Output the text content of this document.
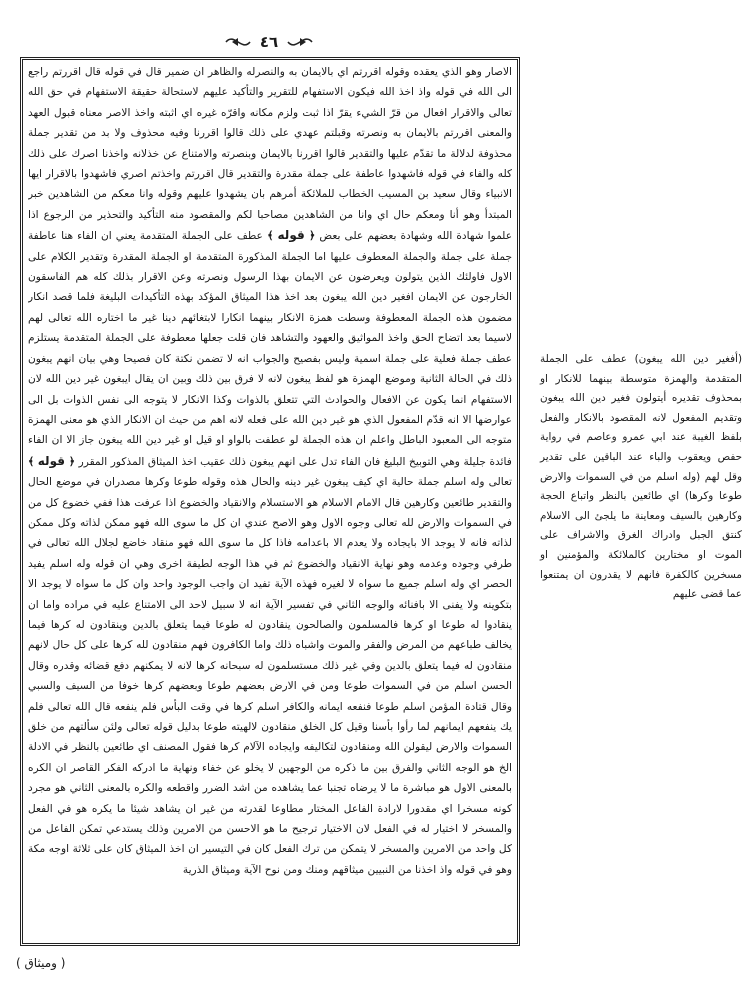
٤٦

الاصار وهو الذي يعقده وقوله اقررتم اي بالايمان به والنصرله والظاهر ان ضمير قال في قوله قال اقررتم راجع الى الله في قوله واذ اخذ الله فيكون الاستفهام للتقرير والتأكيد عليهم لاستحالة حقيقة الاستفهام في حق الله تعالى والاقرار افعال من قرّ الشيء يقرّ اذا ثبت ولزم مكانه واقرّه غيره اي اثبته واخذ الاصر معناه قبول العهد والمعنى اقررتم بالايمان به ونصرته وقبلتم عهدي على ذلك قالوا اقررنا وفيه محذوف ولا بد من تقدير جملة محذوفة لدلالة ما تقدّم عليها والتقدير قالوا اقررنا بالايمان وبنصرته والامتناع عن خذلانه واخذنا اصرك على ذلك كله والفاء في قوله فاشهدوا عاطفة على جملة مقدرة والتقدير قال اقررتم واخذتم اصري فاشهدوا بالاقرار ايها الانبياء وقال سعيد بن المسيب الخطاب للملائكة أمرهم بان يشهدوا عليهم وقوله وانا معكم من الشاهدين خبر المبتدأ وهو أنا ومعكم حال اي وانا من الشاهدين مصاحبا لكم والمقصود منه التأكيد والتحذير من الرجوع اذا علموا شهادة الله وشهادة بعضهم على بعض ﴿ قوله ﴾ عطف على الجملة المتقدمة يعني ان الفاء هنا عاطفة جملة على جملة والجملة المعطوف عليها اما الجملة المذكورة المتقدمة او الجملة المقدرة وتقدير الكلام على الاول فاولئك الذين يتولون ويعرضون عن الايمان بهذا الرسول ونصرته وعن الاقرار بذلك كله هم الفاسقون الخارجون عن الايمان افغير دين الله يبغون بعد اخذ هذا الميثاق المؤكد بهذه التأكيدات البليغة فلما قصد انكار مضمون هذه الجملة المعطوفة وسطت همزة الانكار بينهما انكارا لابتغائهم دينا غير ما اختاره الله تعالى لهم لاسيما بعد اتضاح الحق واخذ المواثيق والعهود والتشاهد فان قلت جعلها معطوفة على الجملة المتقدمة يستلزم عطف جملة فعلية على جملة اسمية وليس بفصيح والجواب انه لا تضمن نكتة كان فصيحا وهي بيان انهم يبغون ذلك في الحالة الثانية وموضع الهمزة هو لفظ يبغون لانه لا فرق بين ذلك وبين ان يقال ايبغون غير دين الله لان الاستفهام انما يكون عن الافعال والحوادث التي تتعلق بالذوات وكذا الانكار لا يتوجه الى نفس الذوات بل الى عوارضها الا انه قدّم المفعول الذي هو غير دين الله على فعله لانه اهم من حيث ان الانكار الذي هو معنى الهمزة متوجه الى المعبود الباطل واعلم ان هذه الجملة لو عطفت بالواو او قيل او غير دين الله يبغون جاز الا ان الفاء فائدة جليلة وهي التوبيخ البليغ فان الفاء تدل على انهم يبغون ذلك عقيب اخذ الميثاق المذكور المقرر ﴿ قوله ﴾ تعالى وله اسلم جملة حالية اي كيف يبغون غير دينه والحال هذه وقوله طوعا وكرها مصدران في موضع الحال والتقدير طائعين وكارهين قال الامام الاسلام هو الاستسلام والانقياد والخضوع اذا عرفت هذا ففي خضوع كل من في السموات والارض لله تعالى وجوه الاول وهو الاصح عندي ان كل ما سوى الله فهو ممكن لذاته وكل ممكن لذاته فانه لا يوجد الا بايجاده ولا يعدم الا باعدامه فاذا كل ما سوى الله فهو منقاد خاضع لجلال الله تعالى في طرفي وجوده وعدمه وهو نهاية الانقياد والخضوع ثم في هذا الوجه لطيفة اخرى وهي ان قوله وله اسلم يفيد الحصر اي وله اسلم جميع ما سواه لا لغيره فهذه الآية تفيد ان واجب الوجود واحد وان كل ما سواه لا يوجد الا بتكوينه ولا يفنى الا بافنائه والوجه الثاني في تفسير الآية انه لا سبيل لاحد الى الامتناع عليه في مراده واما ان ينقادوا له طوعا او كرها فالمسلمون والصالحون ينقادون له طوعا فيما يتعلق بالدين وينقادون له كرها فيما يخالف طباعهم من المرض والفقر والموت واشباه ذلك واما الكافرون فهم منقادون لله كرها على كل حال لانهم منقادون له فيما يتعلق بالدين وفي غير ذلك مستسلمون له سبحانه كرها لانه لا يمكنهم دفع قضائه وقدره وقال الحسن اسلم من في السموات طوعا ومن في الارض بعضهم طوعا وبعضهم كرها خوفا من السيف والسبي وقال قتادة المؤمن اسلم طوعا فنفعه ايمانه والكافر اسلم كرها في وقت البأس فلم ينفعه قال الله تعالى فلم يك ينفعهم ايمانهم لما رأوا بأسنا وقيل كل الخلق منقادون لالهيته طوعا بدليل قوله تعالى ولئن سألتهم من خلق السموات والارض ليقولن الله ومنقادون لتكاليفه وايجاده الآلام كرها فقول المصنف اي طائعين بالنظر في الادلة الخ هو الوجه الثاني والفرق بين ما ذكره من الوجهين لا يخلو عن خفاء ونهاية ما ادركه الفكر القاصر ان الكره بالمعنى الاول هو مباشرة ما لا يرضاه تجنبا عما يشاهده من اشد الضرر واقطعه والكره بالمعنى الثاني هو مجرد كونه مسخرا اي مقدورا لارادة الفاعل المختار مطاوعا لقدرته من غير ان يشاهد شيئا ما يكره هو في الفعل والمسخر لا اختيار له في الفعل لان الاختيار ترجيح ما هو الاحسن من الامرين وذلك يستدعي تمكن الفاعل من كل واحد من الامرين والمسخر لا يتمكن من ترك الفعل كان في التيسير ان اخذ الميثاق كان على ثلاثة اوجه مكة وهو في قوله واذ اخذنا من النبيين ميثاقهم ومنك ومن نوح الآية وميثاق الذرية

(أفغير دين الله يبغون) عطف على الجملة المتقدمة والهمزة متوسطة بينهما للانكار او بمحذوف تقديره أيتولون فغير دين الله يبغون وتقديم المفعول لانه المقصود بالانكار والفعل بلفظ الغيبة عند ابي عمرو وعاصم في رواية حفص ويعقوب والباء عند الباقين على تقدير وقل لهم (وله اسلم من في السموات والارض طوعا وكرها) اي طائعين بالنظر واتباع الحجة وكارهين بالسيف ومعاينة ما يلجئ الى الاسلام كنتق الجبل وادراك الغرق والاشراف على الموت او مختارين كالملائكة والمؤمنين او مسخرين كالكفرة فانهم لا يقدرون ان يمتنعوا عما قضى عليهم
( وميثاق )
